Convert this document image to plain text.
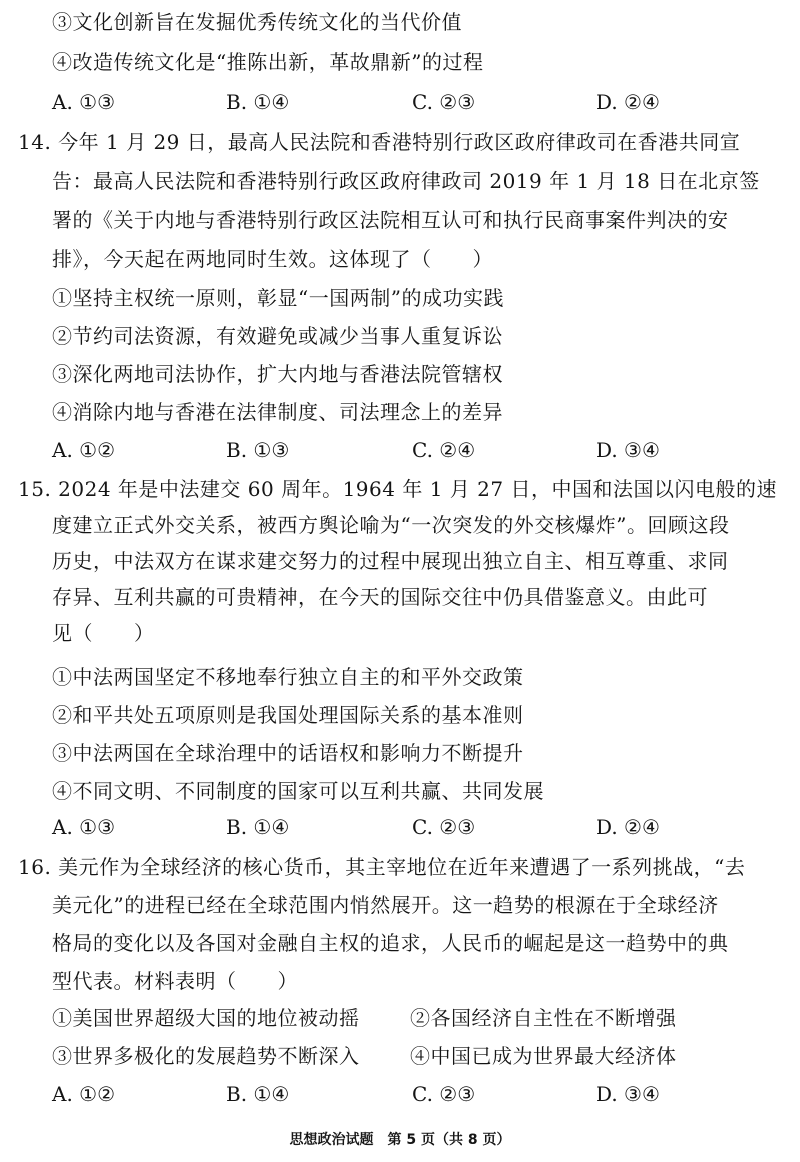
③文化创新旨在发掘优秀传统文化的当代价值
④改造传统文化是“推陈出新，革故鼎新”的过程
A. ①③	B. ①④	C. ②③	D. ②④
14. 今年 1 月 29 日，最高人民法院和香港特别行政区政府律政司在香港共同宣
告：最高人民法院和香港特别行政区政府律政司 2019 年 1 月 18 日在北京签
署的《关于内地与香港特别行政区法院相互认可和执行民商事案件判决的安
排》，今天起在两地同时生效。这体现了（　　）
①坚持主权统一原则，彰显“一国两制”的成功实践
②节约司法资源，有效避免或减少当事人重复诉讼
③深化两地司法协作，扩大内地与香港法院管辖权
④消除内地与香港在法律制度、司法理念上的差异
A. ①②	B. ①③	C. ②④	D. ③④
15. 2024 年是中法建交 60 周年。1964 年 1 月 27 日，中国和法国以闪电般的速
度建立正式外交关系，被西方舆论喻为“一次突发的外交核爆炸”。回顾这段
历史，中法双方在谋求建交努力的过程中展现出独立自主、相互尊重、求同
存异、互利共赢的可贵精神，在今天的国际交往中仍具借鉴意义。由此可
见（　　）
①中法两国坚定不移地奉行独立自主的和平外交政策
②和平共处五项原则是我国处理国际关系的基本准则
③中法两国在全球治理中的话语权和影响力不断提升
④不同文明、不同制度的国家可以互利共赢、共同发展
A. ①③	B. ①④	C. ②③	D. ②④
16. 美元作为全球经济的核心货币，其主宰地位在近年来遭遇了一系列挑战，“去
美元化”的进程已经在全球范围内悄然展开。这一趋势的根源在于全球经济
格局的变化以及各国对金融自主权的追求，人民币的崛起是这一趋势中的典
型代表。材料表明（　　）
①美国世界超级大国的地位被动摇	②各国经济自主性在不断增强
③世界多极化的发展趋势不断深入	④中国已成为世界最大经济体
A. ①②	B. ①④	C. ②③	D. ③④
思想政治试题　第 5 页（共 8 页）
